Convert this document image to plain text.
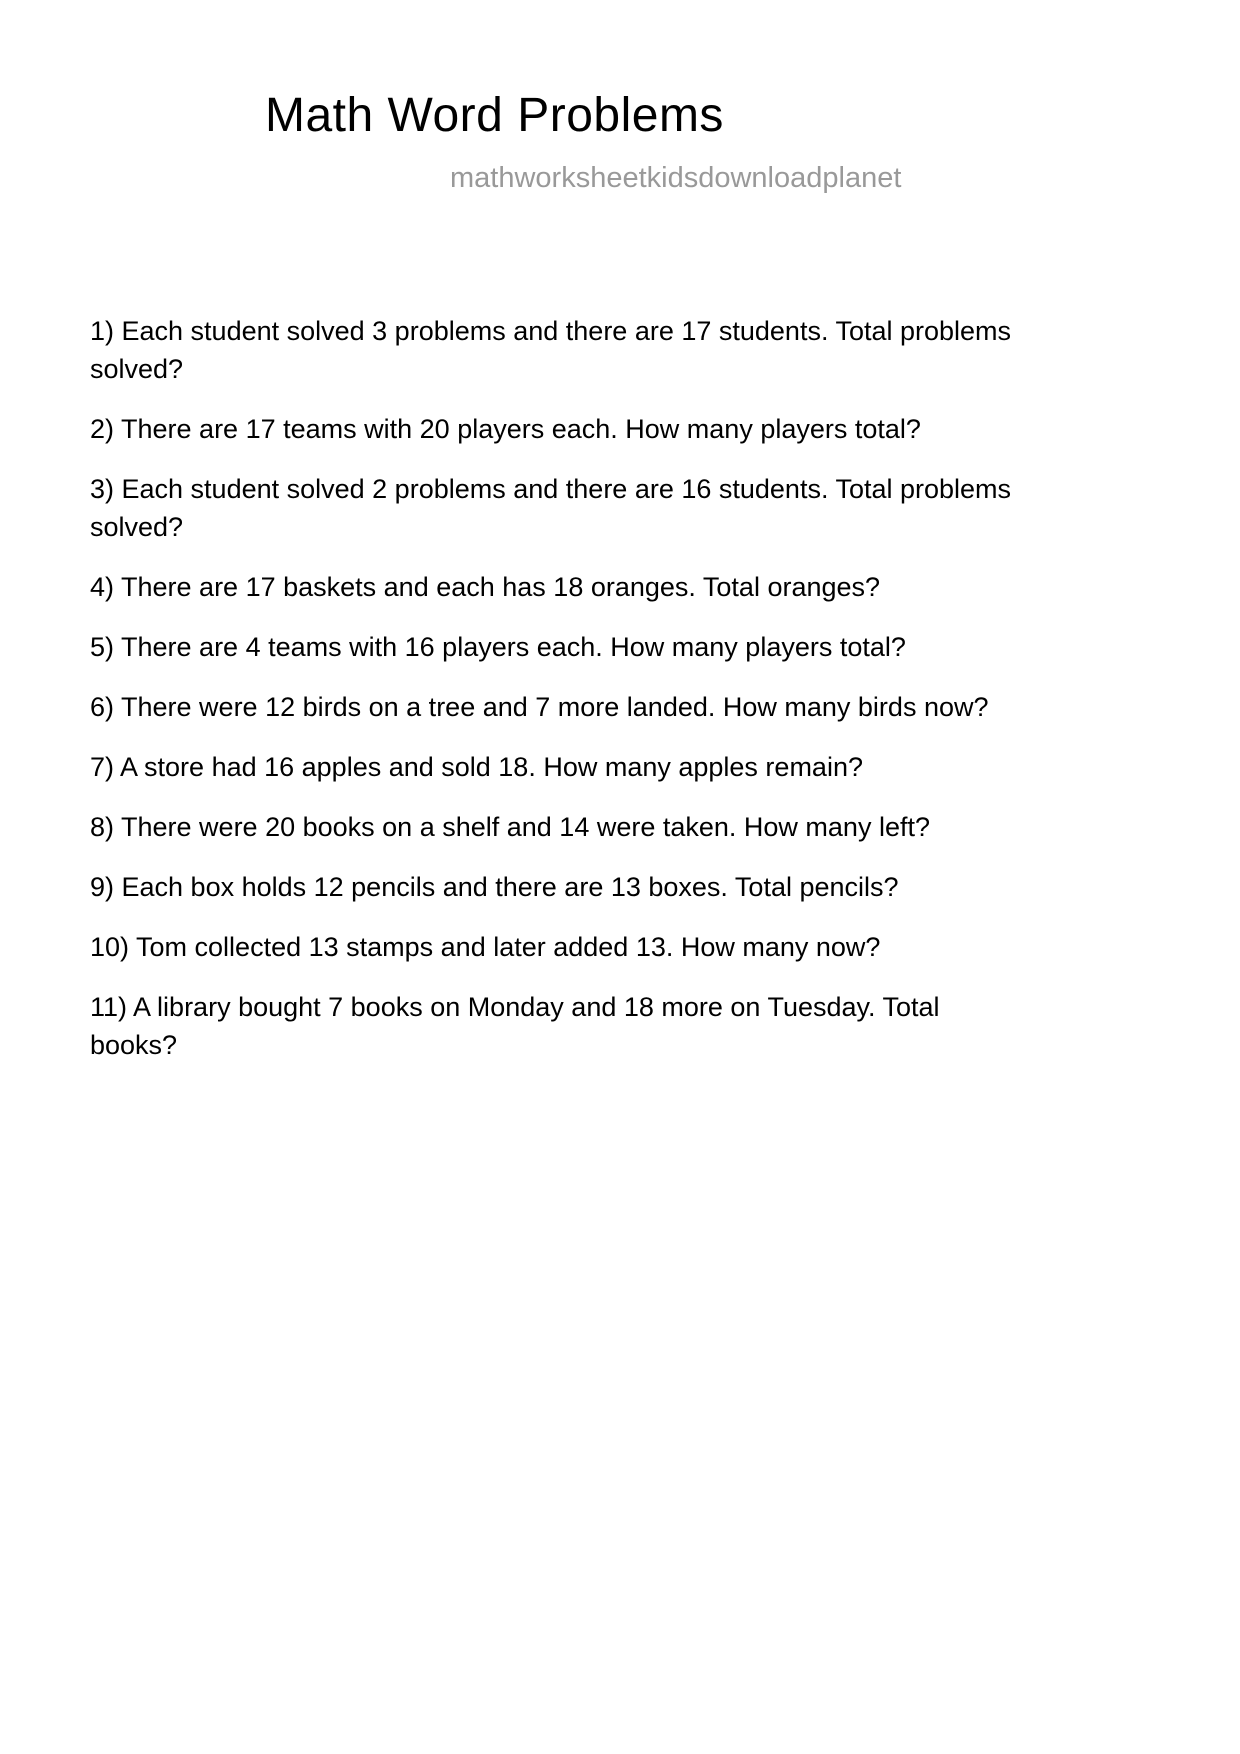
Math Word Problems
mathworksheetkidsdownloadplanet

1) Each student solved 3 problems and there are 17 students. Total problems solved?

2) There are 17 teams with 20 players each. How many players total?

3) Each student solved 2 problems and there are 16 students. Total problems solved?

4) There are 17 baskets and each has 18 oranges. Total oranges?

5) There are 4 teams with 16 players each. How many players total?

6) There were 12 birds on a tree and 7 more landed. How many birds now?

7) A store had 16 apples and sold 18. How many apples remain?

8) There were 20 books on a shelf and 14 were taken. How many left?

9) Each box holds 12 pencils and there are 13 boxes. Total pencils?

10) Tom collected 13 stamps and later added 13. How many now?

11) A library bought 7 books on Monday and 18 more on Tuesday. Total books?
